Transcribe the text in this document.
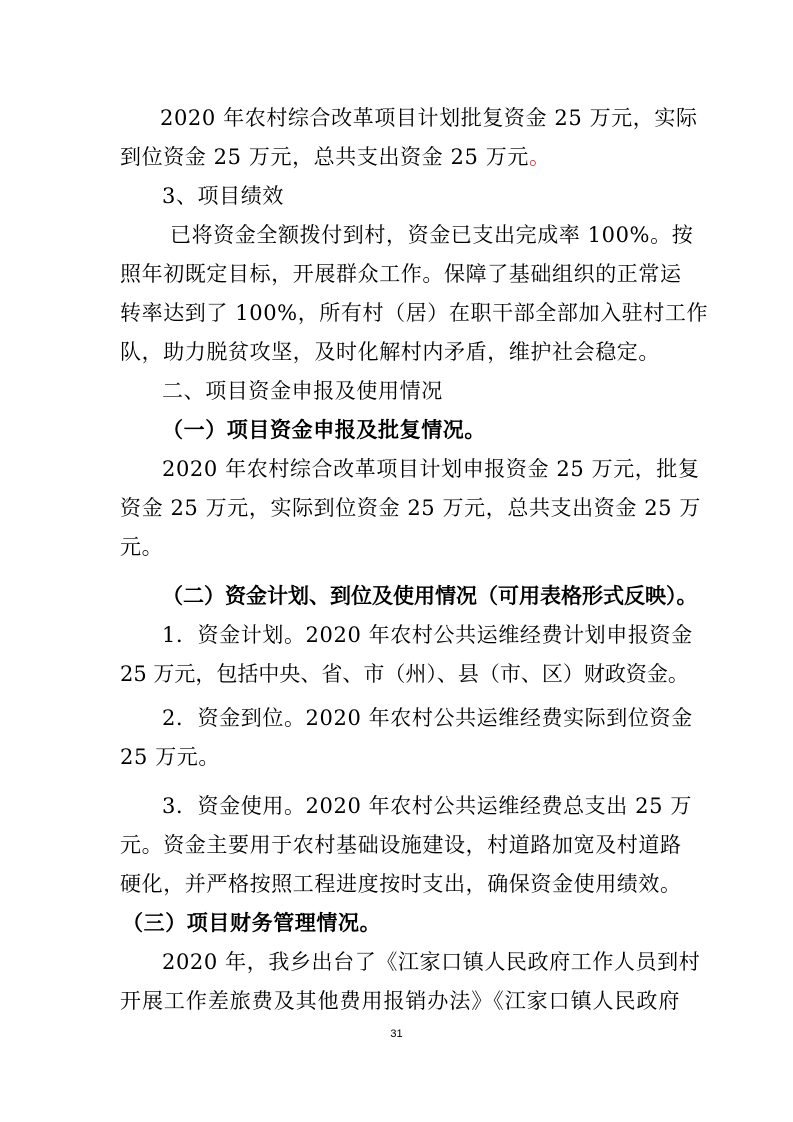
2020 年农村综合改革项目计划批复资金 25 万元，实际
到位资金 25 万元，总共支出资金 25 万元。
3、项目绩效
已将资金全额拨付到村，资金已支出完成率 100%。按
照年初既定目标，开展群众工作。保障了基础组织的正常运
转率达到了 100%，所有村（居）在职干部全部加入驻村工作
队，助力脱贫攻坚，及时化解村内矛盾，维护社会稳定。
二、项目资金申报及使用情况
（一）项目资金申报及批复情况。
2020 年农村综合改革项目计划申报资金 25 万元，批复
资金 25 万元，实际到位资金 25 万元，总共支出资金 25 万
元。
（二）资金计划、到位及使用情况（可用表格形式反映）。
1．资金计划。2020 年农村公共运维经费计划申报资金
25 万元，包括中央、省、市（州）、县（市、区）财政资金。
2．资金到位。2020 年农村公共运维经费实际到位资金
25 万元。
3．资金使用。2020 年农村公共运维经费总支出 25 万
元。资金主要用于农村基础设施建设，村道路加宽及村道路
硬化，并严格按照工程进度按时支出，确保资金使用绩效。
（三）项目财务管理情况。
2020 年，我乡出台了《江家口镇人民政府工作人员到村
开展工作差旅费及其他费用报销办法》《江家口镇人民政府
31
